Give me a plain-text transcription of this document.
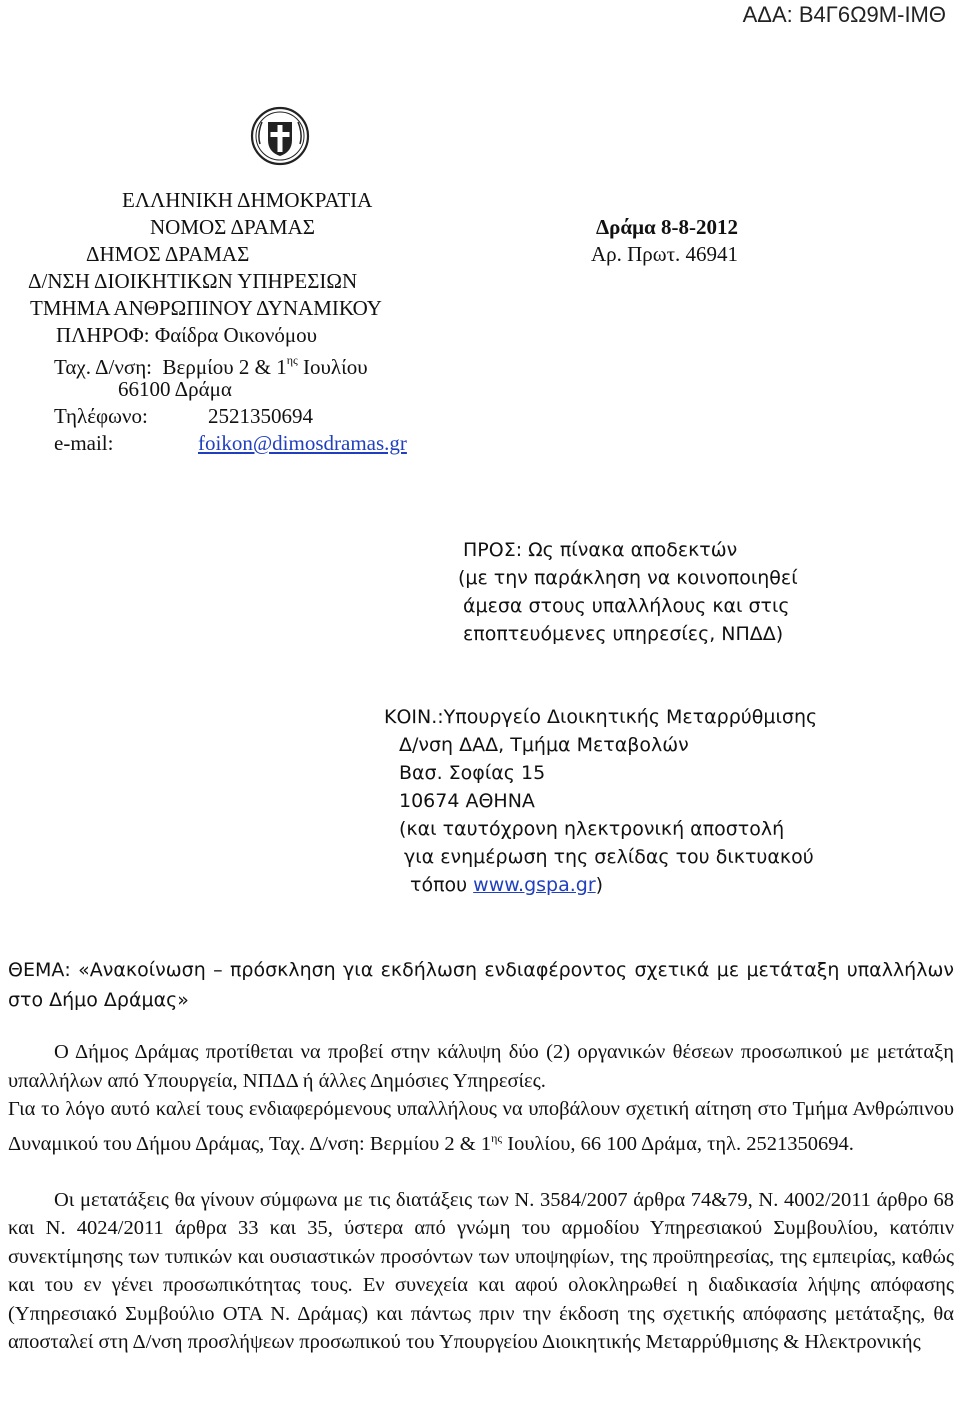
ΑΔΑ: Β4Γ6Ω9Μ-ΙΜΘ
ΕΛΛΗΝΙΚΗ ΔΗΜΟΚΡΑΤΙΑ
ΝΟΜΟΣ ΔΡΑΜΑΣ
ΔΗΜΟΣ ΔΡΑΜΑΣ
Δ/ΝΣΗ ΔΙΟΙΚΗΤΙΚΩΝ ΥΠΗΡΕΣΙΩΝ
ΤΜΗΜΑ ΑΝΘΡΩΠΙΝΟΥ ΔΥΝΑΜΙΚΟΥ
ΠΛΗΡΟΦ: Φαίδρα Οικονόμου
Ταχ. Δ/νση: Βερμίου 2 & $1^{\eta\varsigma}$ Ιουλίου
66100 Δράμα
Τηλέφωνο:	2521350694
e-mail:	foikon@dimosdramas.gr
Δράμα 8-8-2012
Αρ. Πρωτ. 46941
ΠΡΟΣ: Ως πίνακα αποδεκτών
(με την παράκληση να κοινοποιηθεί
άμεσα στους υπαλλήλους και στις
εποπτευόμενες υπηρεσίες, ΝΠΔΔ)
ΚΟΙΝ.:Υπουργείο Διοικητικής Μεταρρύθμισης
Δ/νση ΔΑΔ, Τμήμα Μεταβολών
Βασ. Σοφίας 15
10674 ΑΘΗΝΑ
(και ταυτόχρονη ηλεκτρονική αποστολή
για ενημέρωση της σελίδας του δικτυακού
τόπου www.gspa.gr)
ΘΕΜΑ: «Ανακοίνωση – πρόσκληση για εκδήλωση ενδιαφέροντος σχετικά με μετάταξη υπαλλήλων στο Δήμο Δράμας»

Ο Δήμος Δράμας προτίθεται να προβεί στην κάλυψη δύο (2) οργανικών θέσεων προσωπικού με μετάταξη υπαλλήλων από Υπουργεία, ΝΠΔΔ ή άλλες Δημόσιες Υπηρεσίες.

Για το λόγο αυτό καλεί τους ενδιαφερόμενους υπαλλήλους να υποβάλουν σχετική αίτηση στο Τμήμα Ανθρώπινου Δυναμικού του Δήμου Δράμας, Ταχ. Δ/νση: Βερμίου 2 & $1^{\eta\varsigma}$ Ιουλίου, 66 100 Δράμα, τηλ. 2521350694.

Οι μετατάξεις θα γίνουν σύμφωνα με τις διατάξεις των Ν. 3584/2007 άρθρα 74&79, Ν. 4002/2011 άρθρο 68 και Ν. 4024/2011 άρθρα 33 και 35, ύστερα από γνώμη του αρμοδίου Υπηρεσιακού Συμβουλίου, κατόπιν συνεκτίμησης των τυπικών και ουσιαστικών προσόντων των υποψηφίων, της προϋπηρεσίας, της εμπειρίας, καθώς και του εν γένει προσωπικότητας τους. Εν συνεχεία και αφού ολοκληρωθεί η διαδικασία λήψης απόφασης (Υπηρεσιακό Συμβούλιο ΟΤΑ Ν. Δράμας) και πάντως πριν την έκδοση της σχετικής απόφασης μετάταξης, θα αποσταλεί στη Δ/νση προσλήψεων προσωπικού του Υπουργείου Διοικητικής Μεταρρύθμισης & Ηλεκτρονικής
